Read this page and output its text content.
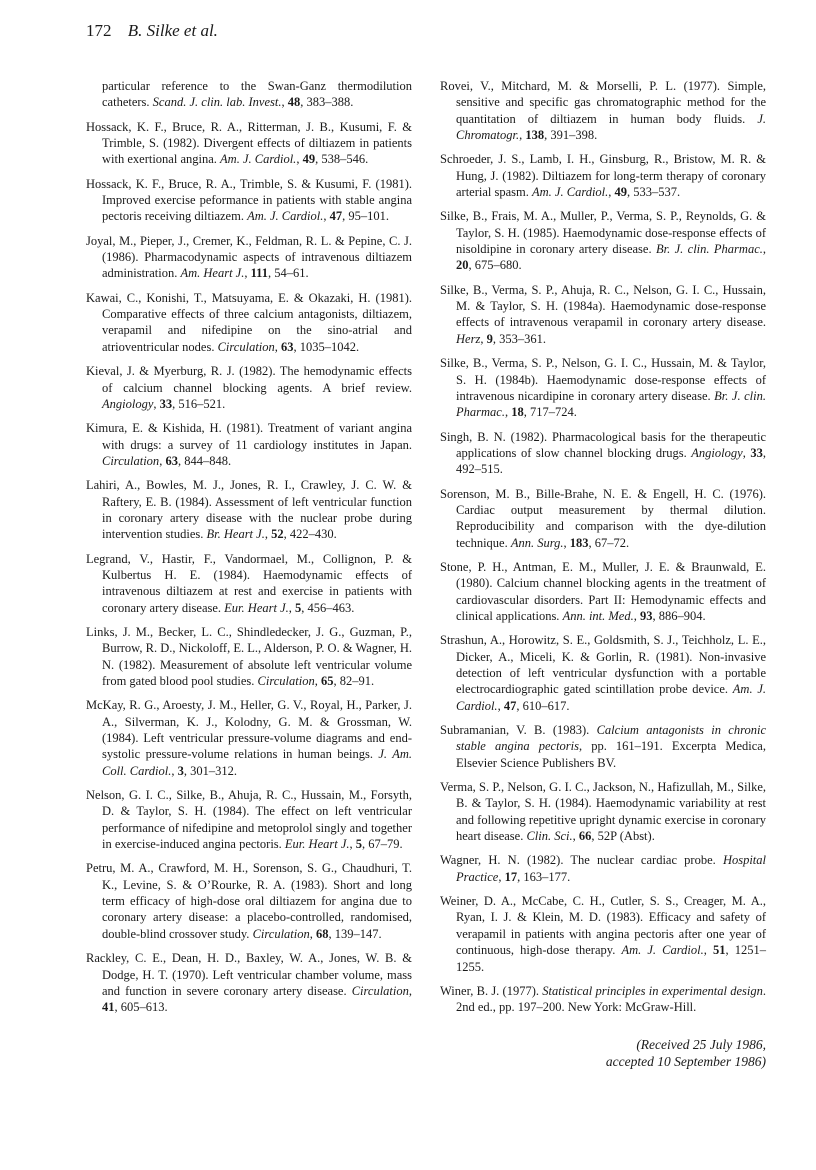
172 B. Silke et al.

particular reference to the Swan-Ganz thermodilution catheters. Scand. J. clin. lab. Invest., 48, 383–388.

Hossack, K. F., Bruce, R. A., Ritterman, J. B., Kusumi, F. & Trimble, S. (1982). Divergent effects of diltiazem in patients with exertional angina. Am. J. Cardiol., 49, 538–546.

Hossack, K. F., Bruce, R. A., Trimble, S. & Kusumi, F. (1981). Improved exercise peformance in patients with stable angina pectoris receiving diltiazem. Am. J. Cardiol., 47, 95–101.

Joyal, M., Pieper, J., Cremer, K., Feldman, R. L. & Pepine, C. J. (1986). Pharmacodynamic aspects of intravenous diltiazem administration. Am. Heart J., 111, 54–61.

Kawai, C., Konishi, T., Matsuyama, E. & Okazaki, H. (1981). Comparative effects of three calcium antagonists, diltiazem, verapamil and nifedipine on the sino-atrial and atrioventricular nodes. Circulation, 63, 1035–1042.

Kieval, J. & Myerburg, R. J. (1982). The hemodynamic effects of calcium channel blocking agents. A brief review. Angiology, 33, 516–521.

Kimura, E. & Kishida, H. (1981). Treatment of variant angina with drugs: a survey of 11 cardiology institutes in Japan. Circulation, 63, 844–848.

Lahiri, A., Bowles, M. J., Jones, R. I., Crawley, J. C. W. & Raftery, E. B. (1984). Assessment of left ventricular function in coronary artery disease with the nuclear probe during intervention studies. Br. Heart J., 52, 422–430.

Legrand, V., Hastir, F., Vandormael, M., Collignon, P. & Kulbertus H. E. (1984). Haemodynamic effects of intravenous diltiazem at rest and exercise in patients with coronary artery disease. Eur. Heart J., 5, 456–463.

Links, J. M., Becker, L. C., Shindledecker, J. G., Guzman, P., Burrow, R. D., Nickoloff, E. L., Alderson, P. O. & Wagner, H. N. (1982). Measurement of absolute left ventricular volume from gated blood pool studies. Circulation, 65, 82–91.

McKay, R. G., Aroesty, J. M., Heller, G. V., Royal, H., Parker, J. A., Silverman, K. J., Kolodny, G. M. & Grossman, W. (1984). Left ventricular pressure-volume diagrams and end-systolic pressure-volume relations in human beings. J. Am. Coll. Cardiol., 3, 301–312.

Nelson, G. I. C., Silke, B., Ahuja, R. C., Hussain, M., Forsyth, D. & Taylor, S. H. (1984). The effect on left ventricular performance of nifedipine and metoprolol singly and together in exercise-induced angina pectoris. Eur. Heart J., 5, 67–79.

Petru, M. A., Crawford, M. H., Sorenson, S. G., Chaudhuri, T. K., Levine, S. & O’Rourke, R. A. (1983). Short and long term efficacy of high-dose oral diltiazem for angina due to coronary artery disease: a placebo-controlled, randomised, double-blind crossover study. Circulation, 68, 139–147.

Rackley, C. E., Dean, H. D., Baxley, W. A., Jones, W. B. & Dodge, H. T. (1970). Left ventricular chamber volume, mass and function in severe coronary artery disease. Circulation, 41, 605–613.

Rovei, V., Mitchard, M. & Morselli, P. L. (1977). Simple, sensitive and specific gas chromatographic method for the quantitation of diltiazem in human body fluids. J. Chromatogr., 138, 391–398.

Schroeder, J. S., Lamb, I. H., Ginsburg, R., Bristow, M. R. & Hung, J. (1982). Diltiazem for long-term therapy of coronary arterial spasm. Am. J. Cardiol., 49, 533–537.

Silke, B., Frais, M. A., Muller, P., Verma, S. P., Reynolds, G. & Taylor, S. H. (1985). Haemodynamic dose-response effects of nisoldipine in coronary artery disease. Br. J. clin. Pharmac., 20, 675–680.

Silke, B., Verma, S. P., Ahuja, R. C., Nelson, G. I. C., Hussain, M. & Taylor, S. H. (1984a). Haemodynamic dose-response effects of intravenous verapamil in coronary artery disease. Herz, 9, 353–361.

Silke, B., Verma, S. P., Nelson, G. I. C., Hussain, M. & Taylor, S. H. (1984b). Haemodynamic dose-response effects of intravenous nicardipine in coronary artery disease. Br. J. clin. Pharmac., 18, 717–724.

Singh, B. N. (1982). Pharmacological basis for the therapeutic applications of slow channel blocking drugs. Angiology, 33, 492–515.

Sorenson, M. B., Bille-Brahe, N. E. & Engell, H. C. (1976). Cardiac output measurement by thermal dilution. Reproducibility and comparison with the dye-dilution technique. Ann. Surg., 183, 67–72.

Stone, P. H., Antman, E. M., Muller, J. E. & Braunwald, E. (1980). Calcium channel blocking agents in the treatment of cardiovascular disorders. Part II: Hemodynamic effects and clinical applications. Ann. int. Med., 93, 886–904.

Strashun, A., Horowitz, S. E., Goldsmith, S. J., Teichholz, L. E., Dicker, A., Miceli, K. & Gorlin, R. (1981). Non-invasive detection of left ventricular dysfunction with a portable electrocardiographic gated scintillation probe device. Am. J. Cardiol., 47, 610–617.

Subramanian, V. B. (1983). Calcium antagonists in chronic stable angina pectoris, pp. 161–191. Excerpta Medica, Elsevier Science Publishers BV.

Verma, S. P., Nelson, G. I. C., Jackson, N., Hafizullah, M., Silke, B. & Taylor, S. H. (1984). Haemodynamic variability at rest and following repetitive upright dynamic exercise in coronary heart disease. Clin. Sci., 66, 52P (Abst).

Wagner, H. N. (1982). The nuclear cardiac probe. Hospital Practice, 17, 163–177.

Weiner, D. A., McCabe, C. H., Cutler, S. S., Creager, M. A., Ryan, I. J. & Klein, M. D. (1983). Efficacy and safety of verapamil in patients with angina pectoris after one year of continuous, high-dose therapy. Am. J. Cardiol., 51, 1251–1255.

Winer, B. J. (1977). Statistical principles in experimental design. 2nd ed., pp. 197–200. New York: McGraw-Hill.

(Received 25 July 1986,
accepted 10 September 1986)
